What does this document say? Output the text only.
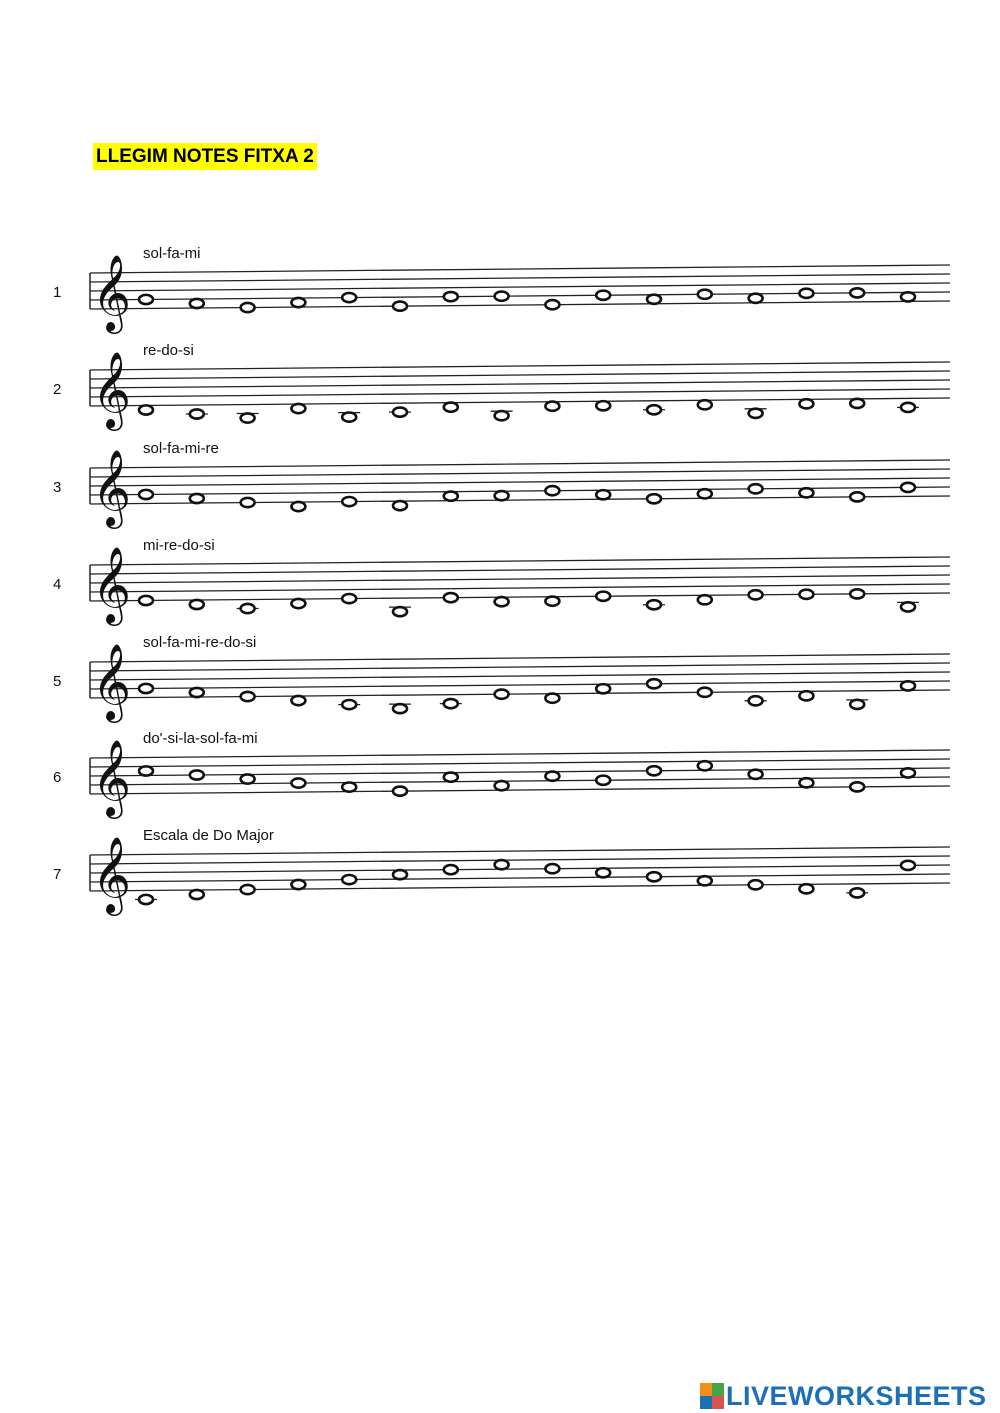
LLEGIM NOTES FITXA 2
1
sol-fa-mi
𝄞
2
re-do-si
𝄞
3
sol-fa-mi-re
𝄞
4
mi-re-do-si
𝄞
5
sol-fa-mi-re-do-si
𝄞
6
do'-si-la-sol-fa-mi
𝄞
7
Escala de Do Major
𝄞
LIVEWORKSHEETS
